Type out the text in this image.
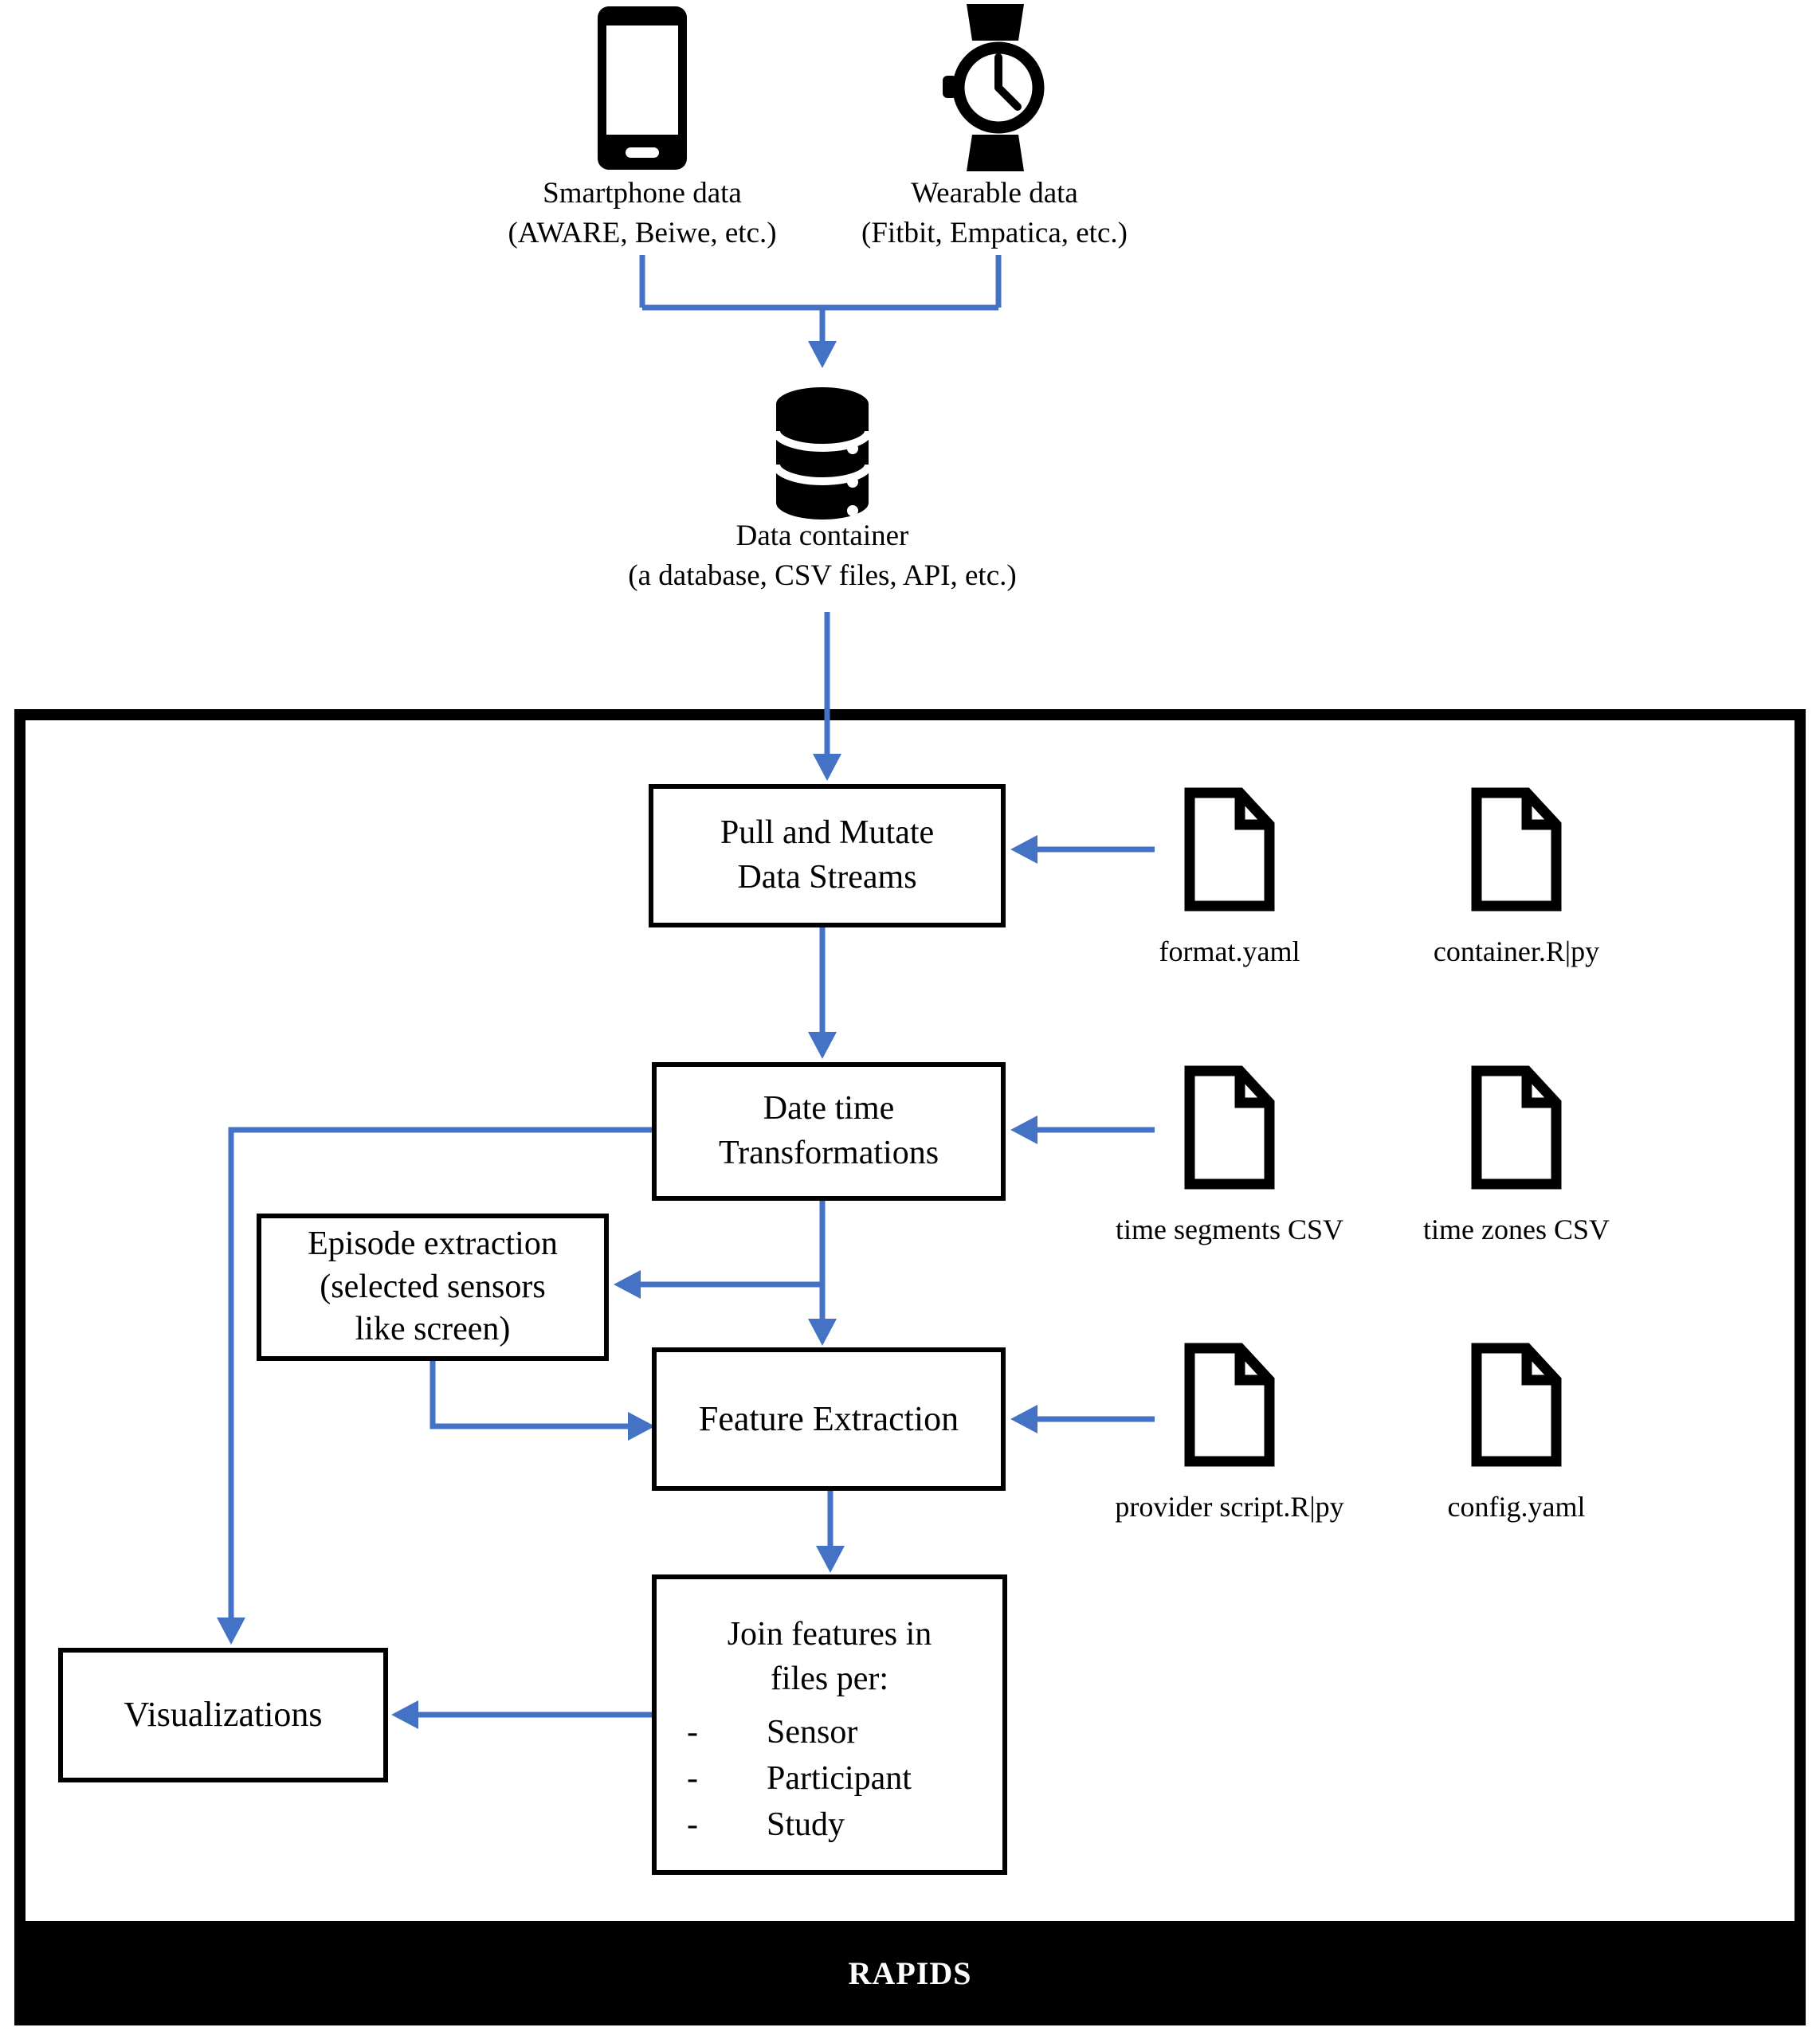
Smartphone data
(AWARE, Beiwe, etc.)
Wearable data
(Fitbit, Empatica, etc.)
Data container
(a database, CSV files, API, etc.)
RAPIDS
Pull and Mutate
Data Streams
Date time
Transformations
Episode extraction
(selected sensors
like screen)
Feature Extraction
Join features in
files per:
-	Sensor
-	Participant
-	Study
Visualizations
format.yaml	container.R|py
time segments CSV	time zones CSV
provider script.R|py	config.yaml
